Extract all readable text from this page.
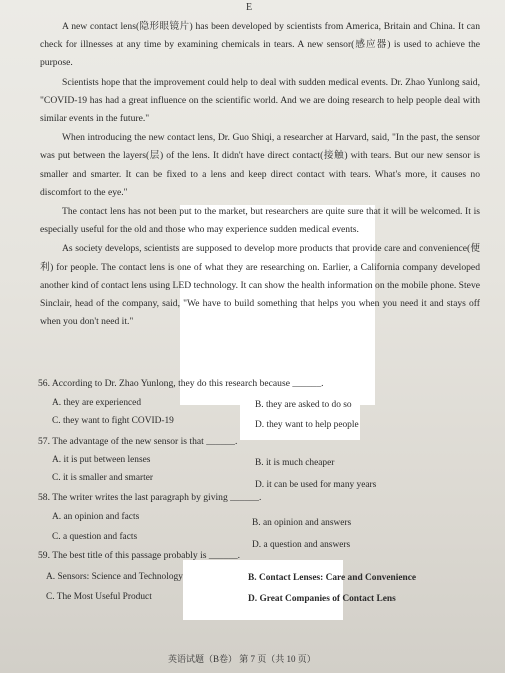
E

A new contact lens(隐形眼镜片) has been developed by scientists from America, Britain and China. It can check for illnesses at any time by examining chemicals in tears. A new sensor(感应器) is used to achieve the purpose.

Scientists hope that the improvement could help to deal with sudden medical events. Dr. Zhao Yunlong said, "COVID-19 has had a great influence on the scientific world. And we are doing research to help people deal with similar events in the future."

When introducing the new contact lens, Dr. Guo Shiqi, a researcher at Harvard, said, "In the past, the sensor was put between the layers(层) of the lens. It didn't have direct contact(接触) with tears. But our new sensor is smaller and smarter. It can be fixed to a lens and keep direct contact with tears. What's more, it causes no discomfort to the eye."

The contact lens has not been put to the market, but researchers are quite sure that it will be welcomed. It is especially useful for the old and those who may experience sudden medical events.

As society develops, scientists are supposed to develop more products that provide care and convenience(便利) for people. The contact lens is one of what they are researching on. Earlier, a California company developed another kind of contact lens using LED technology. It can show the health information on the mobile phone. Steve Sinclair, head of the company, said, "We have to build something that helps you when you need it and stays off when you don't need it."

56. According to Dr. Zhao Yunlong, they do this research because ______.
A. they are experienced	B. they are asked to do so
C. they want to fight COVID-19	D. they want to help people
57. The advantage of the new sensor is that ______.
A. it is put between lenses	B. it is much cheaper
C. it is smaller and smarter
D. it can be used for many years
58. The writer writes the last paragraph by giving ______.
A. an opinion and facts
B. an opinion and answers
C. a question and facts
D. a question and answers
59. The best title of this passage probably is ______.
A. Sensors: Science and Technology	B. Contact Lenses: Care and Convenience
C. The Most Useful Product	D. Great Companies of Contact Lens
英语试题（B卷） 第 7 页（共 10 页）
